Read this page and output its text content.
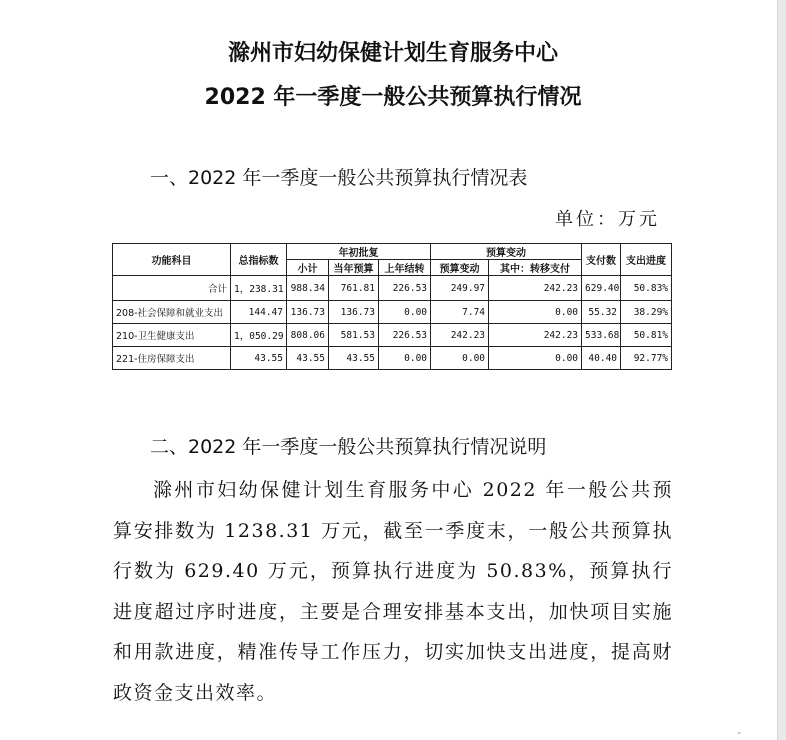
滁州市妇幼保健计划生育服务中心
2022 年一季度一般公共预算执行情况
一、2022 年一季度一般公共预算执行情况表
单位：万元
功能科目	总指标数	年初批复			预算变动		支付数	支出进度
		小计	当年预算	上年结转	预算变动	其中：转移支付		
合计	1，238.31	988.34	761.81	226.53	249.97	242.23	629.40	50.83%
208-社会保障和就业支出	144.47	136.73	136.73	0.00	7.74	0.00	55.32	38.29%
210-卫生健康支出	1，050.29	808.06	581.53	226.53	242.23	242.23	533.68	50.81%
221-住房保障支出	43.55	43.55	43.55	0.00	0.00	0.00	40.40	92.77%
二、2022 年一季度一般公共预算执行情况说明
滁州市妇幼保健计划生育服务中心 2022 年一般公共预算安排数为 1238.31 万元，截至一季度末，一般公共预算执行数为 629.40 万元，预算执行进度为 50.83%，预算执行进度超过序时进度，主要是合理安排基本支出，加快项目实施和用款进度，精准传导工作压力，切实加快支出进度，提高财政资金支出效率。
"
